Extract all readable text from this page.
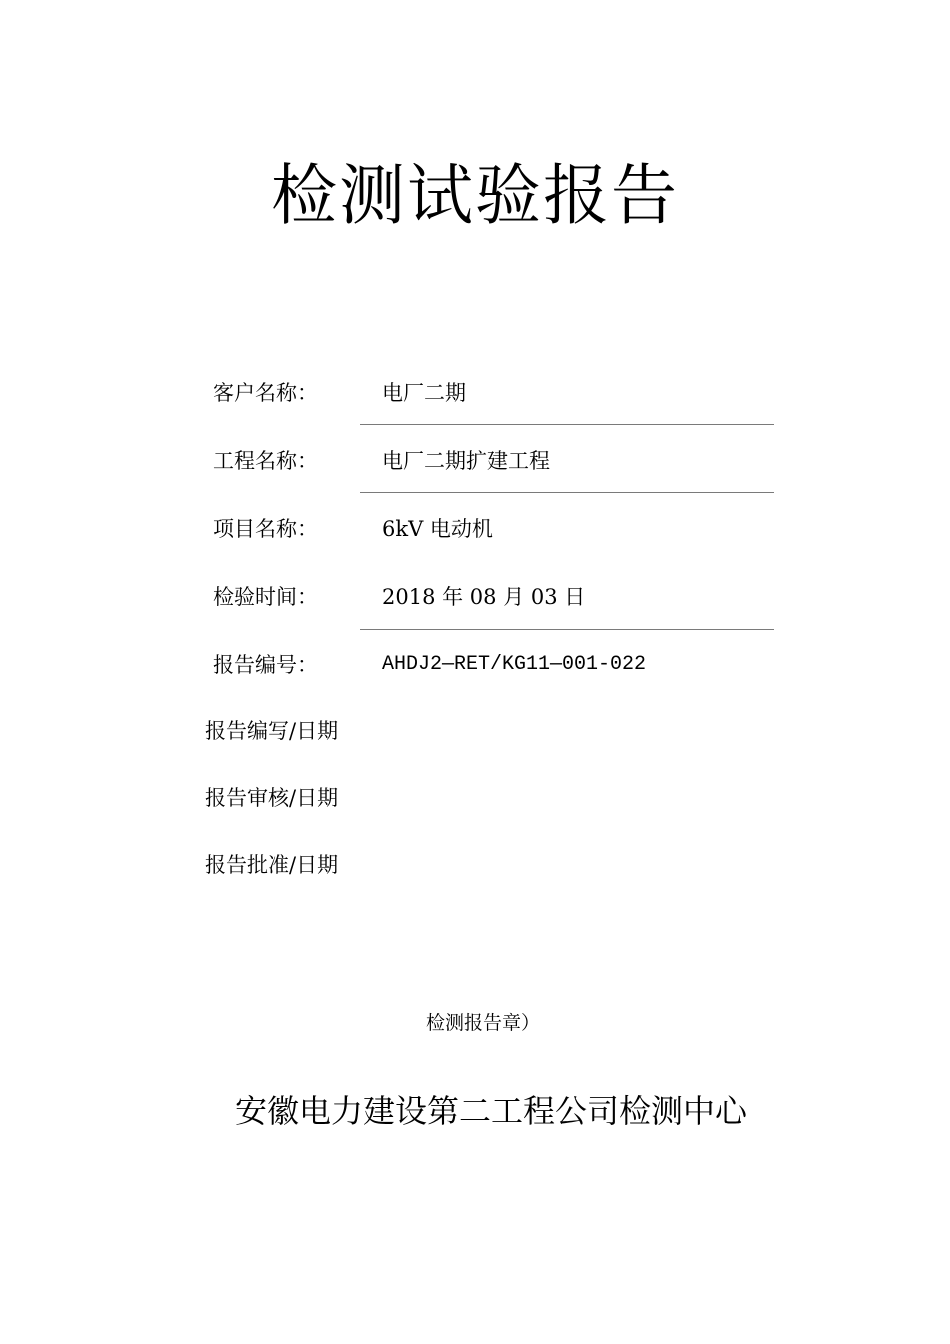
检测试验报告
客户名称：	电厂二期
工程名称：	电厂二期扩建工程
项目名称：	6kV 电动机
检验时间：	2018 年 08 月 03 日
报告编号：	AHDJ2—RET/KG11—001-022
报告编写/日期
报告审核/日期
报告批准/日期
检测报告章）
安徽电力建设第二工程公司检测中心
